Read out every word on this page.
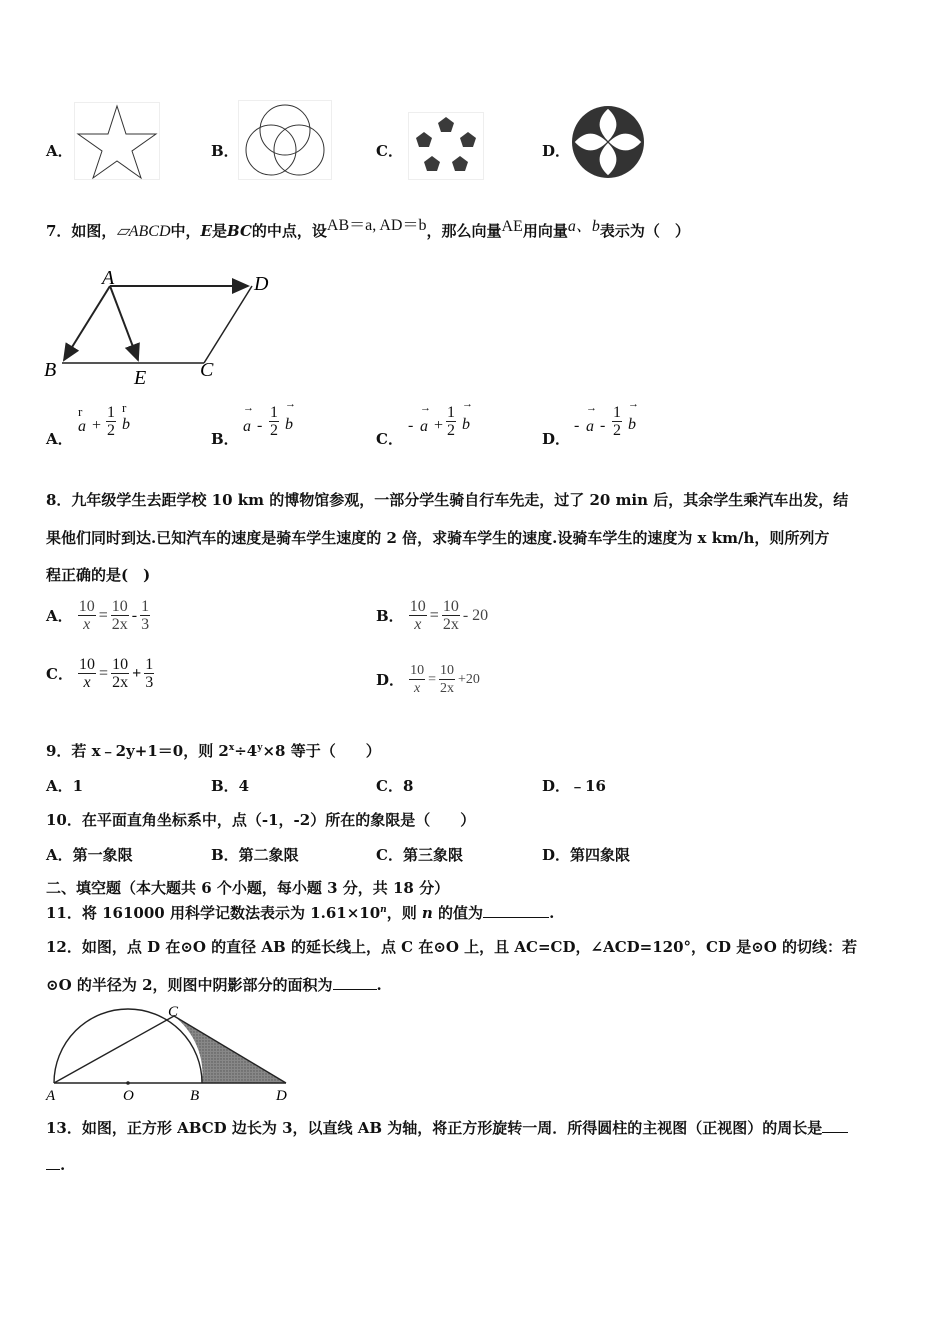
A．	B．	C．	D．
7．如图，▱ABCD中，E是BC的中点，设AB＝a, AD＝b，那么向量AE用向量a、b表示为（　）
A	D
B	E	C
A．
r
$a + \frac{1}{2}$ r
b
B．
→
a - $\frac{1}{2}$ →
b
C．
-
→
$a + \frac{1}{2}$ →
b
D．
-
→
a - $\frac{1}{2}$ →
b
8．九年级学生去距学校 10 km 的博物馆参观，一部分学生骑自行车先走，过了 20 min 后，其余学生乘汽车出发，结
果他们同时到达.已知汽车的速度是骑车学生速度的 2 倍，求骑车学生的速度.设骑车学生的速度为 x km/h，则所列方
程正确的是(　)
A． $\frac{10}{x} = \frac{10}{2x} - \frac{1}{3}$	B． $\frac{10}{x} = \frac{10}{2x} - 20$
C． $\frac{10}{x} = \frac{10}{2x} + \frac{1}{3}$	D． $\frac{10}{x} = \frac{10}{2x} +20$
9．若 x﹣2y+1＝0，则 $2^x\div 4^y\times 8$ 等于（　　）
A．1	B．4	C．8	D．﹣16
10．在平面直角坐标系中，点（-1，-2）所在的象限是（　　）
A．第一象限	B．第二象限	C．第三象限	D．第四象限
二、填空题（本大题共 6 个小题，每小题 3 分，共 18 分）
11．将 161000 用科学记数法表示为 $1.61\times 10^n$，则 n 的值为	.
12．如图，点 D 在⊙O 的直径 AB 的延长线上，点 C 在⊙O 上，且 AC=CD，∠ACD=120°，CD 是⊙O 的切线：若
⊙O 的半径为 2，则图中阴影部分的面积为	.
A	O	B
C
D
13．如图，正方形 ABCD 边长为 3，以直线 AB 为轴，将正方形旋转一周．所得圆柱的主视图（正视图）的周长是
.
